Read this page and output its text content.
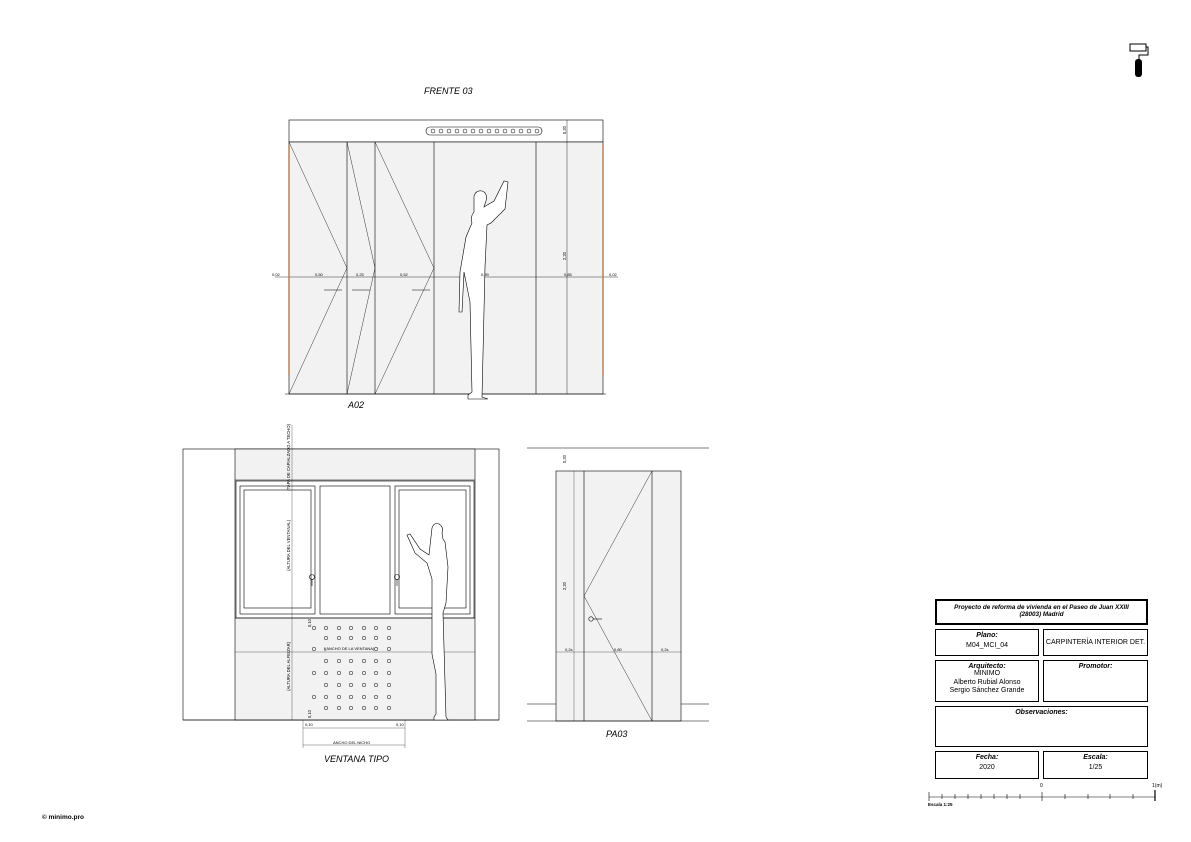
FRENTE 03
A02
0,02	0,50	0,25	0,52	0,89	0,85	0,02
0,20
2,20
VENTANA TIPO
(TAPA DE CAPIALZADO A TECHO)
(ALTURA DEL VENTANAL)
(ALTURA DEL ALFEIZAR)	(ANCHO DE LA VENTANA)
ANCHO DEL NICHO
0,10	0,10
0,10
0,10
PA03
0,20
2,20
0,2s	0,80	0,2s
Proyecto de reforma de vivienda en el Paseo de Juan XXIII
(28003) Madrid
Plano:
M04_MCI_04	CARPINTERÍA INTERIOR DET.
Arquitecto:
MINIMO
Alberto Rubial Alonso
Sergio Sánchez Grande
Promotor:
Observaciones:
Fecha:
2020
Escala:
1/25
0	1(m)
Escala 1:25
© minimo.pro
